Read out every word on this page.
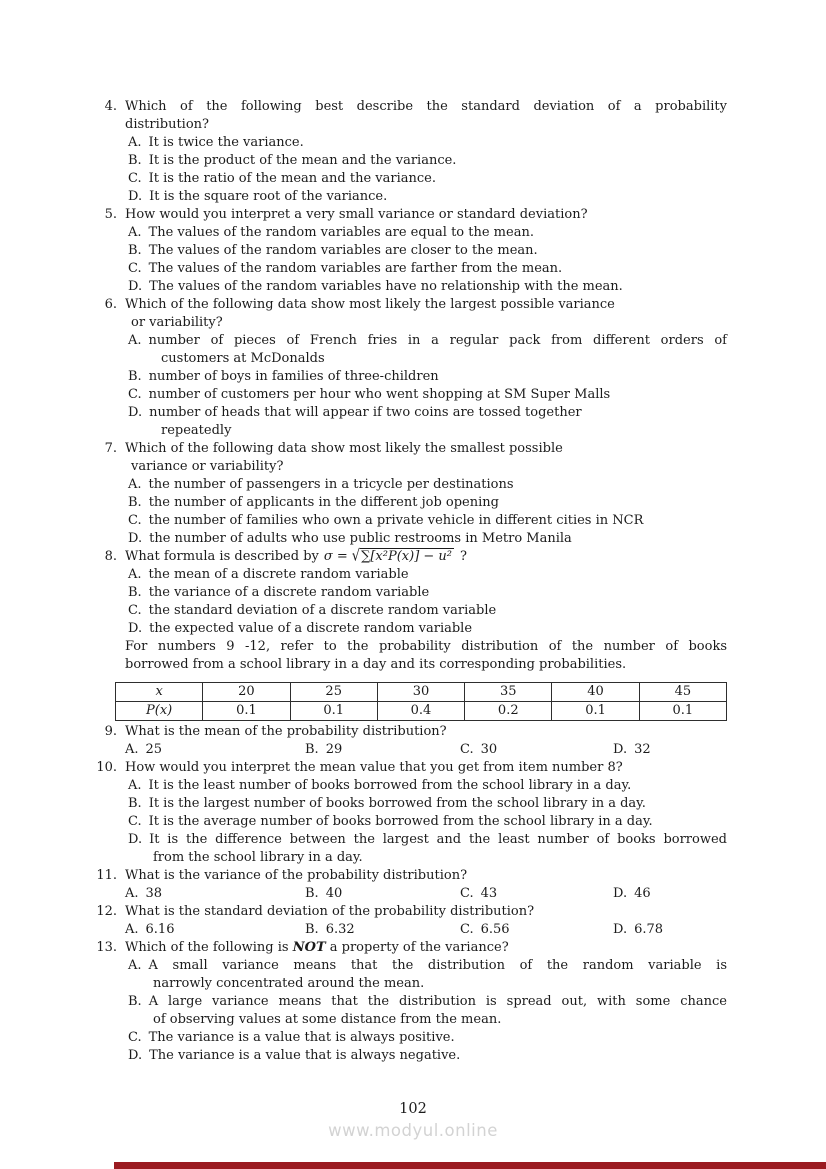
4. Which of the following best describe the standard deviation of a probability
distribution?
A. It is twice the variance.
B. It is the product of the mean and the variance.
C. It is the ratio of the mean and the variance.
D. It is the square root of the variance.
5. How would you interpret a very small variance or standard deviation?
A. The values of the random variables are equal to the mean.
B. The values of the random variables are closer to the mean.
C. The values of the random variables are farther from the mean.
D. The values of the random variables have no relationship with the mean.
6. Which of the following data show most likely the largest possible variance
or variability?
A. number of pieces of French fries in a regular pack from different orders of
customers at McDonalds
B. number of boys in families of three-children
C. number of customers per hour who went shopping at SM Super Malls
D. number of heads that will appear if two coins are tossed together
repeatedly
7. Which of the following data show most likely the smallest possible
variance or variability?
A. the number of passengers in a tricycle per destinations
B. the number of applicants in the different job opening
C. the number of families who own a private vehicle in different cities in NCR
D. the number of adults who use public restrooms in Metro Manila
8. What formula is described by σ = √∑[x²P(x)] − u² ?
A. the mean of a discrete random variable
B. the variance of a discrete random variable
C. the standard deviation of a discrete random variable
D. the expected value of a discrete random variable
For numbers 9 -12, refer to the probability distribution of the number of books
borrowed from a school library in a day and its corresponding probabilities.
x	20	25	30	35	40	45
P(x)	0.1	0.1	0.4	0.2	0.1	0.1
9. What is the mean of the probability distribution?
A. 25	B. 29	C. 30	D. 32
10. How would you interpret the mean value that you get from item number 8?
A. It is the least number of books borrowed from the school library in a day.
B. It is the largest number of books borrowed from the school library in a day.
C. It is the average number of books borrowed from the school library in a day.
D. It is the difference between the largest and the least number of books borrowed
from the school library in a day.
11. What is the variance of the probability distribution?
A. 38	B. 40	C. 43	D. 46
12. What is the standard deviation of the probability distribution?
A. 6.16	B. 6.32	C. 6.56	D. 6.78
13. Which of the following is NOT a property of the variance?
A. A small variance means that the distribution of the random variable is
narrowly concentrated around the mean.
B. A large variance means that the distribution is spread out, with some chance
of observing values at some distance from the mean.
C. The variance is a value that is always positive.
D. The variance is a value that is always negative.
102
www.modyul.online
